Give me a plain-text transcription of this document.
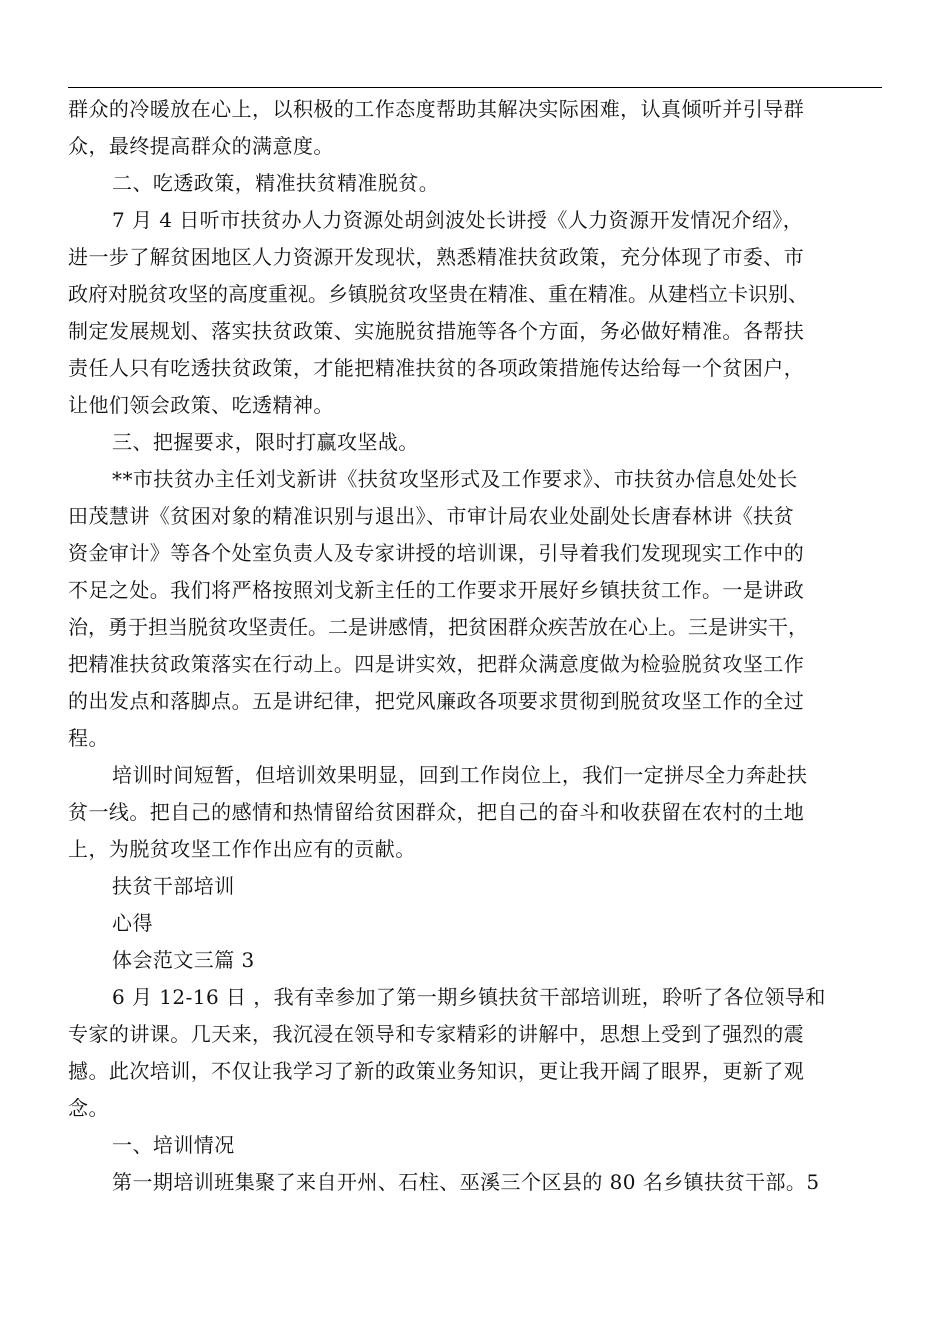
群众的冷暖放在心上，以积极的工作态度帮助其解决实际困难，认真倾听并引导群
众，最终提高群众的满意度。
二、吃透政策，精准扶贫精准脱贫。
7 月 4 日听市扶贫办人力资源处胡剑波处长讲授《人力资源开发情况介绍》，
进一步了解贫困地区人力资源开发现状，熟悉精准扶贫政策，充分体现了市委、市
政府对脱贫攻坚的高度重视。乡镇脱贫攻坚贵在精准、重在精准。从建档立卡识别、
制定发展规划、落实扶贫政策、实施脱贫措施等各个方面，务必做好精准。各帮扶
责任人只有吃透扶贫政策，才能把精准扶贫的各项政策措施传达给每一个贫困户，
让他们领会政策、吃透精神。
三、把握要求，限时打赢攻坚战。
**市扶贫办主任刘戈新讲《扶贫攻坚形式及工作要求》、市扶贫办信息处处长
田茂慧讲《贫困对象的精准识别与退出》、市审计局农业处副处长唐春林讲《扶贫
资金审计》等各个处室负责人及专家讲授的培训课，引导着我们发现现实工作中的
不足之处。我们将严格按照刘戈新主任的工作要求开展好乡镇扶贫工作。一是讲政
治，勇于担当脱贫攻坚责任。二是讲感情，把贫困群众疾苦放在心上。三是讲实干，
把精准扶贫政策落实在行动上。四是讲实效，把群众满意度做为检验脱贫攻坚工作
的出发点和落脚点。五是讲纪律，把党风廉政各项要求贯彻到脱贫攻坚工作的全过
程。
培训时间短暂，但培训效果明显，回到工作岗位上，我们一定拼尽全力奔赴扶
贫一线。把自己的感情和热情留给贫困群众，把自己的奋斗和收获留在农村的土地
上，为脱贫攻坚工作作出应有的贡献。
扶贫干部培训
心得
体会范文三篇 3
6 月 12-16 日 ，我有幸参加了第一期乡镇扶贫干部培训班，聆听了各位领导和
专家的讲课。几天来，我沉浸在领导和专家精彩的讲解中，思想上受到了强烈的震
撼。此次培训，不仅让我学习了新的政策业务知识，更让我开阔了眼界，更新了观
念。
一、培训情况
第一期培训班集聚了来自开州、石柱、巫溪三个区县的 80 名乡镇扶贫干部。5
